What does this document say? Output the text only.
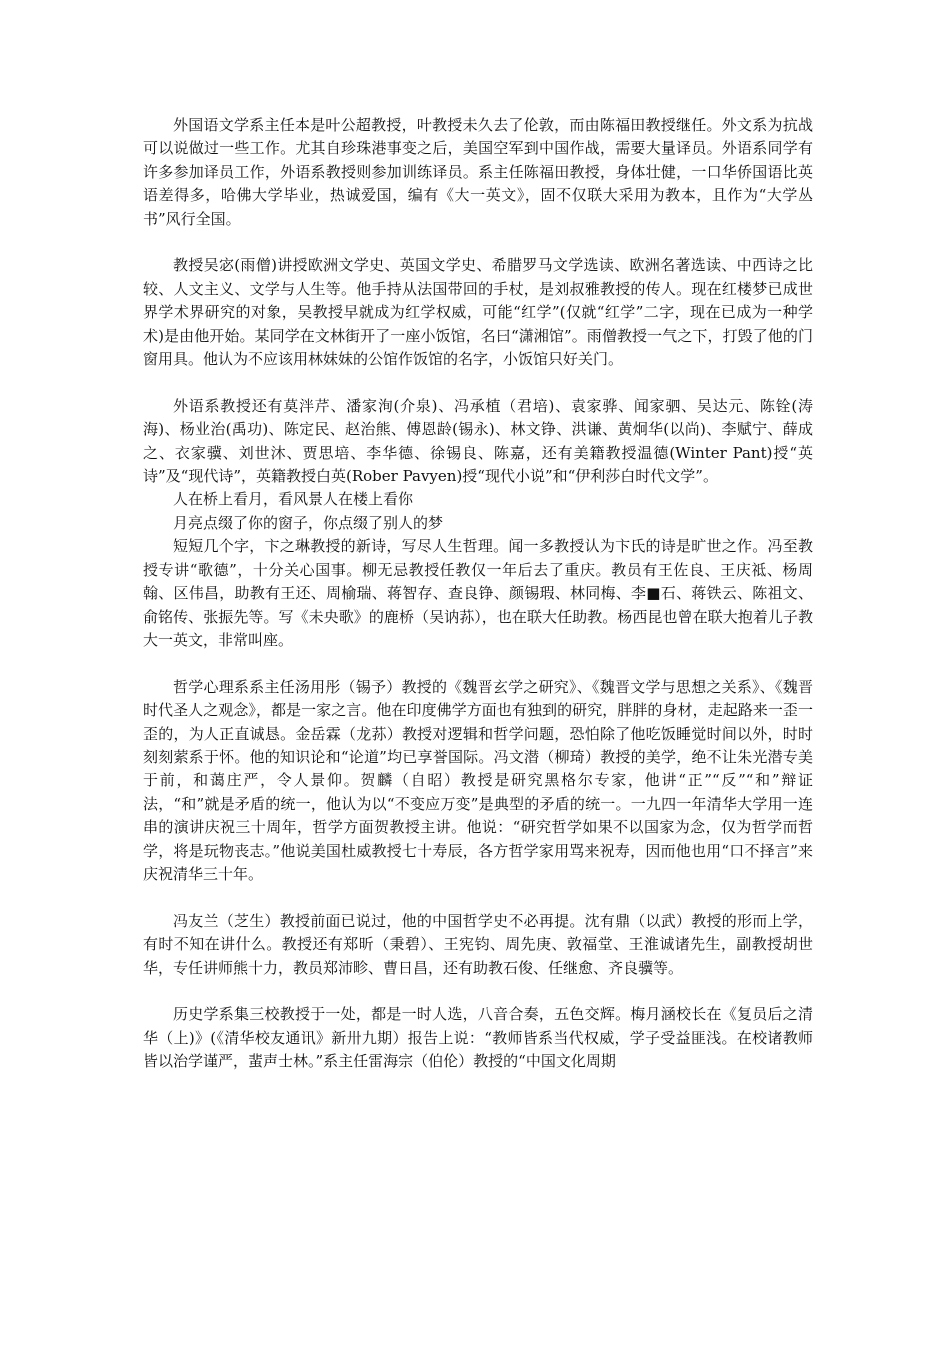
外国语文学系主任本是叶公超教授，叶教授未久去了伦敦，而由陈福田教授继任。外文系为抗战可以说做过一些工作。尤其自珍珠港事变之后，美国空军到中国作战，需要大量译员。外语系同学有许多参加译员工作，外语系教授则参加训练译员。系主任陈福田教授，身体壮健，一口华侨国语比英语差得多，哈佛大学毕业，热诚爱国，编有《大一英文》，固不仅联大采用为教本，且作为“大学丛书”风行全国。

教授吴宓(雨僧)讲授欧洲文学史、英国文学史、希腊罗马文学选读、欧洲名著选读、中西诗之比较、人文主义、文学与人生等。他手持从法国带回的手杖，是刘叔雅教授的传人。现在红楼梦已成世界学术界研究的对象，吴教授早就成为红学权威，可能“红学”(仅就“红学”二字，现在已成为一种学术)是由他开始。某同学在文林街开了一座小饭馆，名曰“潇湘馆”。雨僧教授一气之下，打毁了他的门窗用具。他认为不应该用林妹妹的公馆作饭馆的名字，小饭馆只好关门。

外语系教授还有莫泮芹、潘家洵(介泉)、冯承植（君培)、袁家骅、闻家驷、吴达元、陈铨(涛海)、杨业治(禹功)、陈定民、赵治熊、傅恩龄(锡永)、林文铮、洪谦、黄炯华(以尚)、李赋宁、薛成之、衣家骥、刘世沐、贾思培、李华德、徐锡良、陈嘉，还有美籍教授温德(Winter Pant)授“英诗”及“现代诗”，英籍教授白英(Rober Pavyen)授“现代小说”和“伊利莎白时代文学”。

人在桥上看月，看风景人在楼上看你

月亮点缀了你的窗子，你点缀了别人的梦

短短几个字，卞之琳教授的新诗，写尽人生哲理。闻一多教授认为卞氏的诗是旷世之作。冯至教授专讲“歌德”，十分关心国事。柳无忌教授任教仅一年后去了重庆。教员有王佐良、王庆祗、杨周翰、区伟昌，助教有王还、周榆瑞、蒋智存、查良铮、颜锡瑕、林同梅、李■石、蒋铁云、陈祖文、俞铭传、张振先等。写《未央歌》的鹿桥（吴讷荪），也在联大任助教。杨西昆也曾在联大抱着儿子教大一英文，非常叫座。

哲学心理系系主任汤用彤（锡予）教授的《魏晋玄学之研究》、《魏晋文学与思想之关系》、《魏晋时代圣人之观念》，都是一家之言。他在印度佛学方面也有独到的研究，胖胖的身材，走起路来一歪一歪的，为人正直诚恳。金岳霖（龙荪）教授对逻辑和哲学问题，恐怕除了他吃饭睡觉时间以外，时时刻刻萦系于怀。他的知识论和“论道”均已享誉国际。冯文潜（柳琦）教授的美学，绝不让朱光潜专美于前，和蔼庄严，令人景仰。贺麟（自昭）教授是研究黑格尔专家，他讲“正”“反”“和”辩证法，“和”就是矛盾的统一，他认为以“不变应万变”是典型的矛盾的统一。一九四一年清华大学用一连串的演讲庆祝三十周年，哲学方面贺教授主讲。他说：“研究哲学如果不以国家为念，仅为哲学而哲学，将是玩物丧志。”他说美国杜威教授七十寿辰，各方哲学家用骂来祝寿，因而他也用“口不择言”来庆祝清华三十年。

冯友兰（芝生）教授前面已说过，他的中国哲学史不必再提。沈有鼎（以武）教授的形而上学，有时不知在讲什么。教授还有郑昕（秉碧）、王宪钧、周先庚、敦福堂、王淮诚诸先生，副教授胡世华，专任讲师熊十力，教员郑沛畛、曹日昌，还有助教石俊、任继愈、齐良骥等。

历史学系集三校教授于一处，都是一时人选，八音合奏，五色交辉。梅月涵校长在《复员后之清华（上)》(《清华校友通讯》新卅九期）报告上说：“教师皆系当代权威，学子受益匪浅。在校诸教师皆以治学谨严，蜚声士林。”系主任雷海宗（伯伦）教授的“中国文化周期
